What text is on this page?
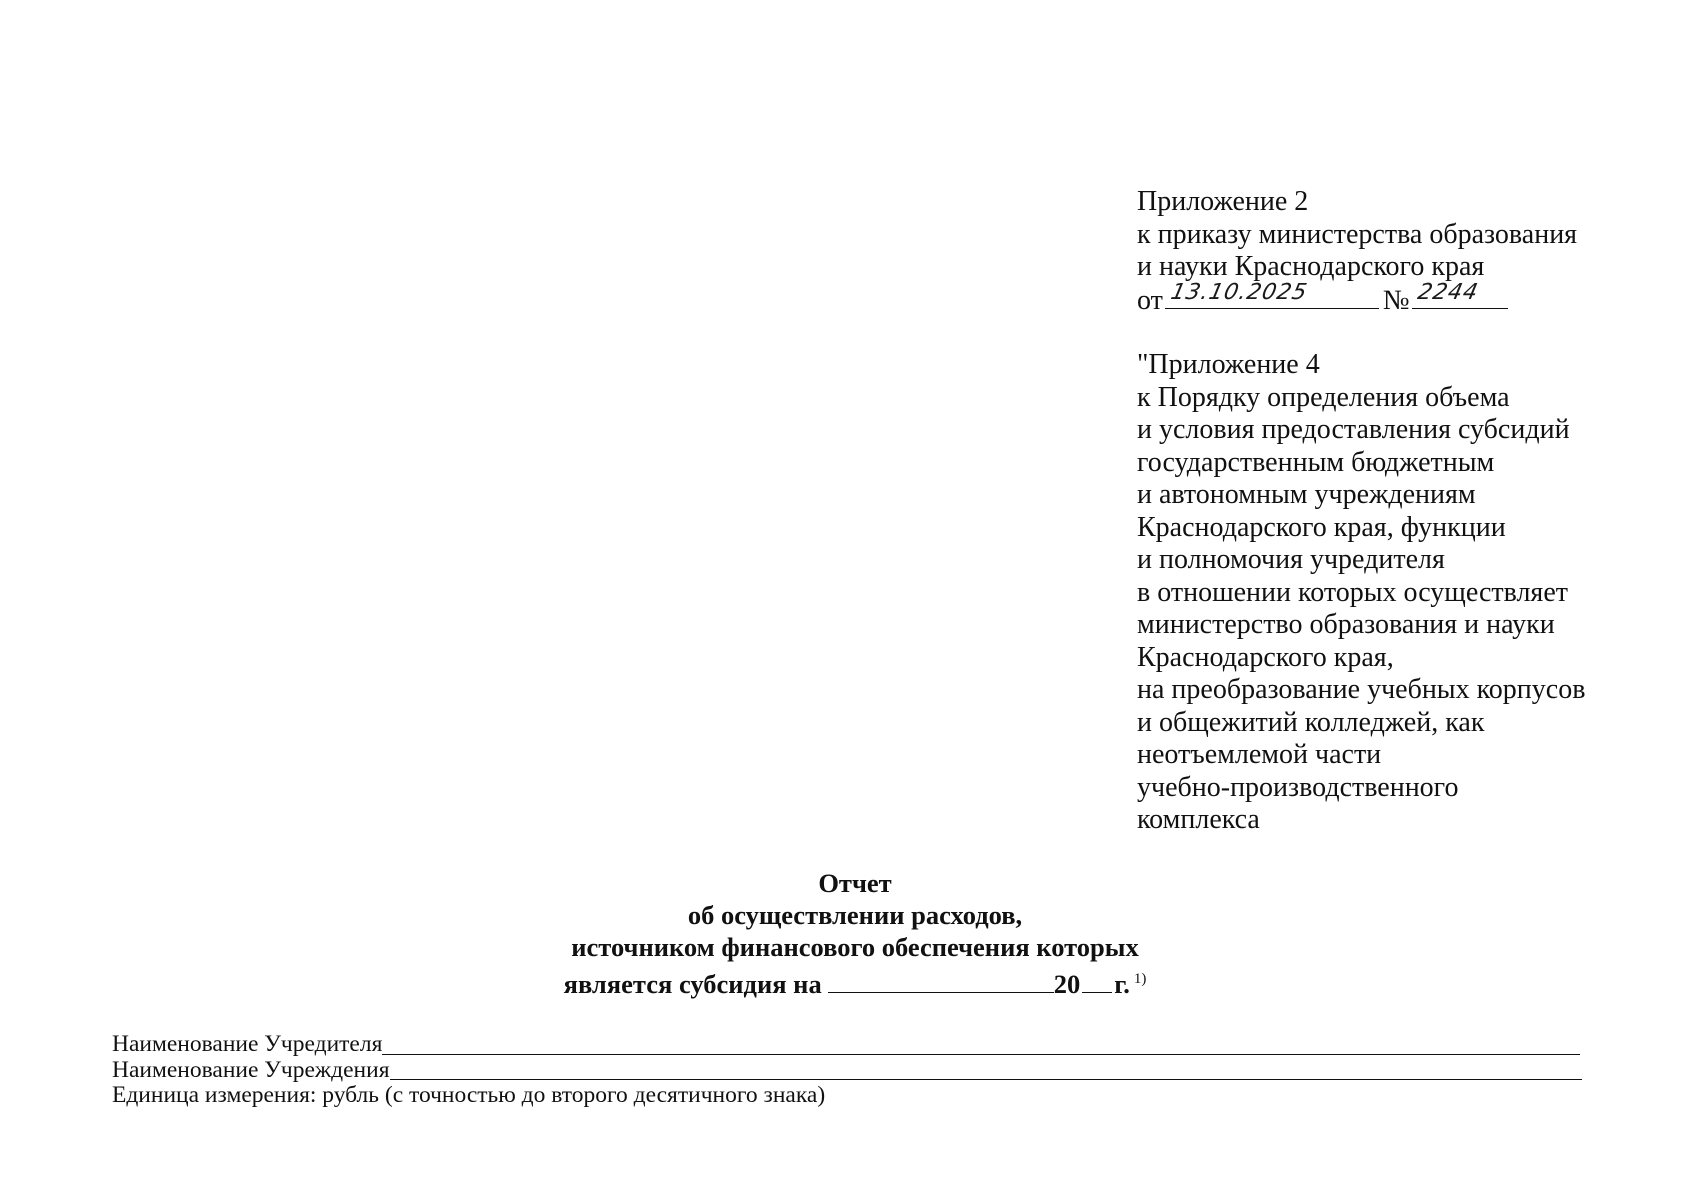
Приложение 2
к приказу министерства образования
и науки Краснодарского края
от 13.10.2025	№ 2244
"Приложение 4
к Порядку определения объема
и условия предоставления субсидий
государственным бюджетным
и автономным учреждениям
Краснодарского края, функции
и полномочия учредителя
в отношении которых осуществляет
министерство образования и науки
Краснодарского края,
на преобразование учебных корпусов
и общежитий колледжей, как
неотъемлемой части
учебно-производственного
комплекса
Отчет
об осуществлении расходов,
источником финансового обеспечения которых
является субсидия на	20 г. $^{1)}$
Наименование Учредителя
Наименование Учреждения
Единица измерения: рубль (с точностью до второго десятичного знака)
